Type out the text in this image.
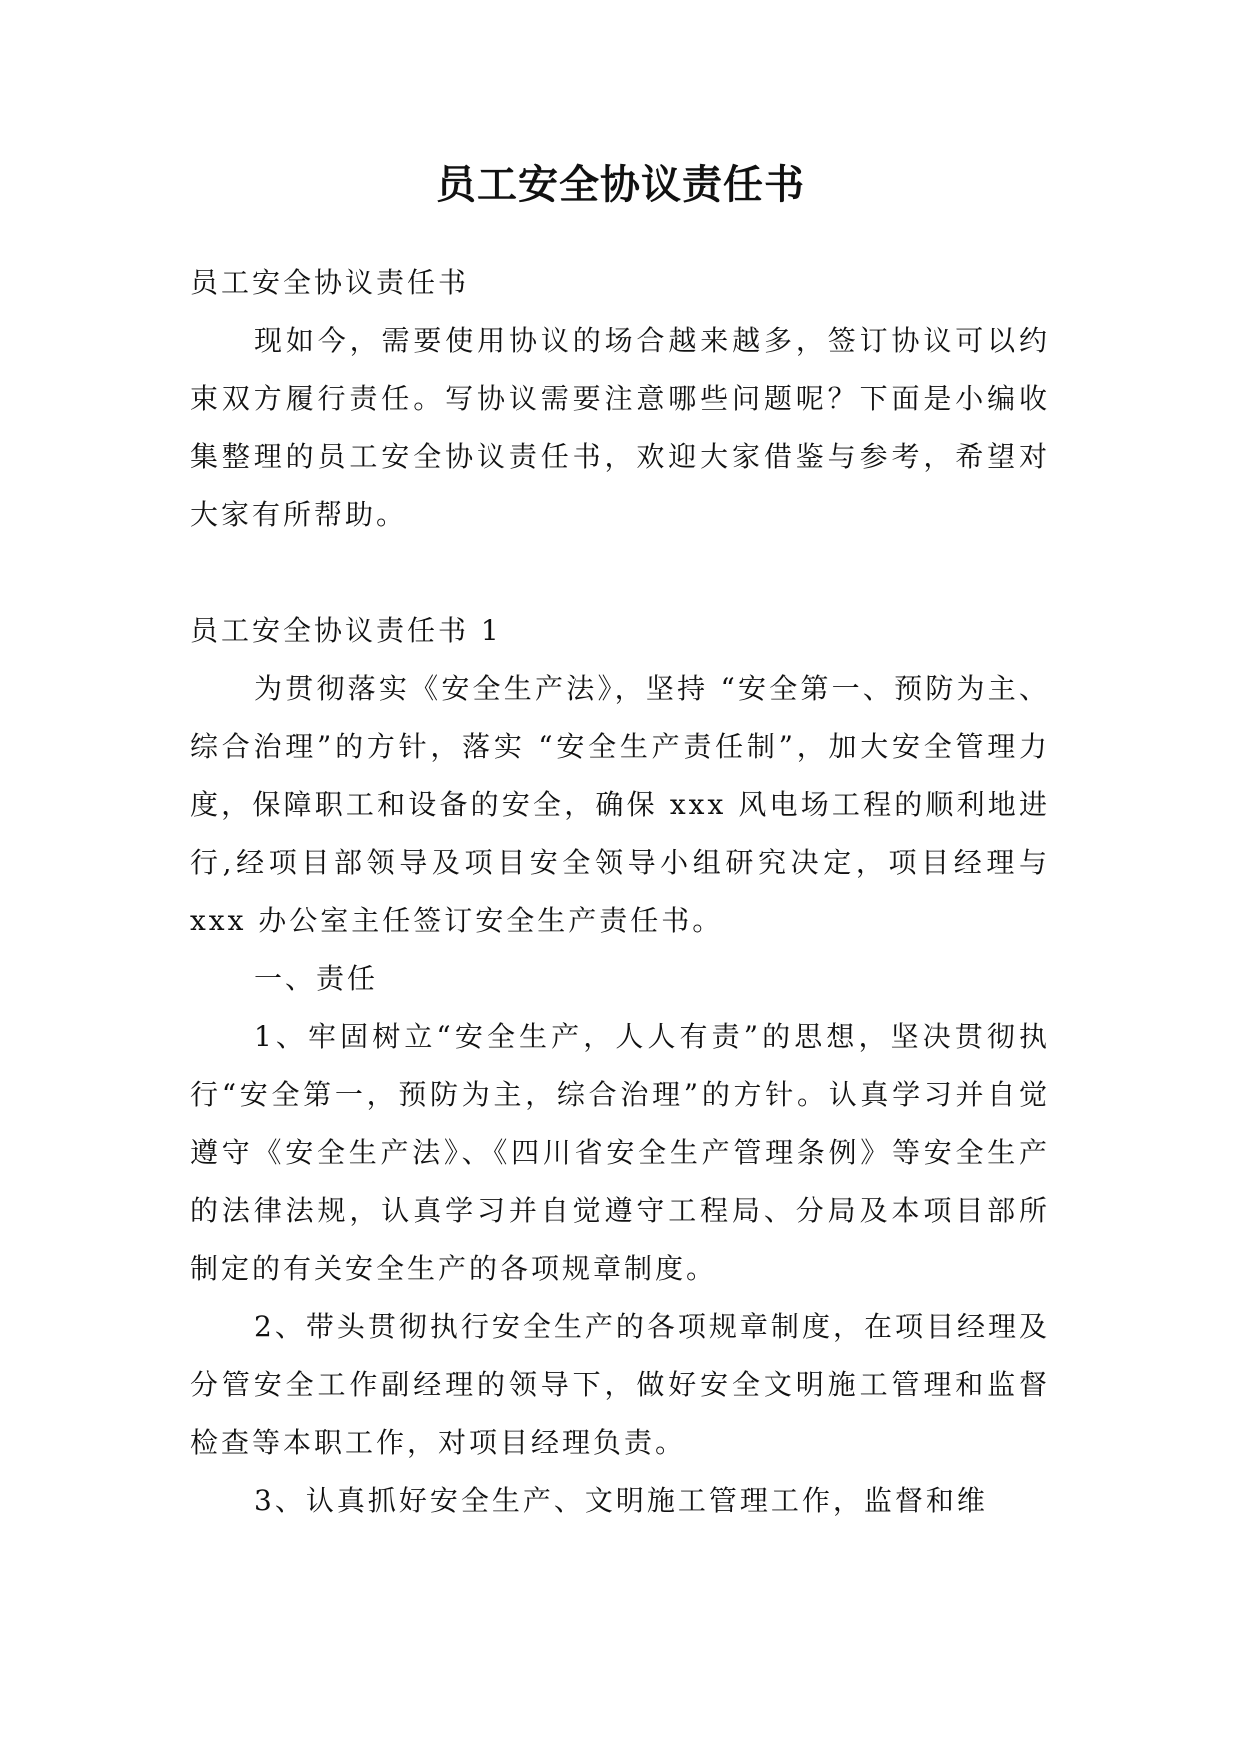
员工安全协议责任书

员工安全协议责任书

现如今，需要使用协议的场合越来越多，签订协议可以约束双方履行责任。写协议需要注意哪些问题呢？下面是小编收集整理的员工安全协议责任书，欢迎大家借鉴与参考，希望对大家有所帮助。

员工安全协议责任书 1

为贯彻落实《安全生产法》，坚持 “安全第一、预防为主、综合治理”的方针，落实 “安全生产责任制”，加大安全管理力度，保障职工和设备的安全，确保 xxx 风电场工程的顺利地进行,经项目部领导及项目安全领导小组研究决定，项目经理与 xxx 办公室主任签订安全生产责任书。

一、责任

1、牢固树立“安全生产，人人有责”的思想，坚决贯彻执行“安全第一，预防为主，综合治理”的方针。认真学习并自觉遵守《安全生产法》、《四川省安全生产管理条例》等安全生产的法律法规，认真学习并自觉遵守工程局、分局及本项目部所制定的有关安全生产的各项规章制度。

2、带头贯彻执行安全生产的各项规章制度，在项目经理及分管安全工作副经理的领导下，做好安全文明施工管理和监督检查等本职工作，对项目经理负责。

3、认真抓好安全生产、文明施工管理工作，监督和维
